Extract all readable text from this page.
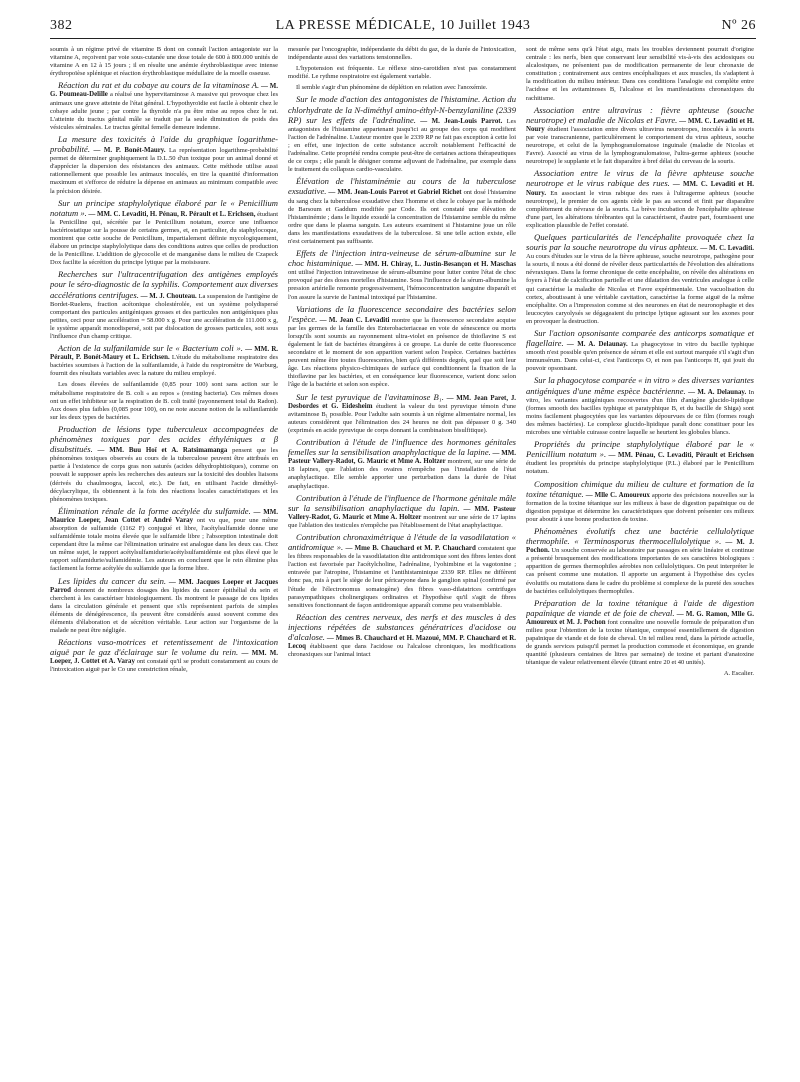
382	LA PRESSE MÉDICALE, 10 Juillet 1943	Nº 26

soumis à un régime privé de vitamine B dont on connaît l'action antagoniste sur la vitamine A, reçoivent par voie sous-cutanée une dose totale de 600 à 800.000 unités de vitamine A en 12 à 15 jours ; il en résulte une anémie érythroblastique avec intense érythropoïèse splénique et réaction érythroblastique médullaire de la moelle osseuse.

Réaction du rat et du cobaye au cours de la vitaminose A. — M. G. Poumeau-Delille a réalisé une hypervitaminose A massive qui provoque chez les animaux une grave atteinte de l'état général. L'hypothyroïdie est facile à obtenir chez le cobaye adulte jeune ; par contre la thyroïde n'a pu être mise au repos chez le rat. L'atteinte du tractus génital mâle se traduit par la seule diminution de poids des vésicules séminales. Le tractus génital femelle demeure indemne.

La mesure des toxicités à l'aide du graphique logarithme-probabilité. — M. P. Bonét-Maury. La représentation logarithme-probabilité permet de déterminer graphiquement la D.L.50 d'un toxique pour un animal donné et d'apprécier la dispersion des résistances des animaux. Cette méthode utilise aussi rationnellement que possible les animaux inoculés, en tire la quantité d'information maximum et s'efforce de réduire la dépense en animaux au minimum compatible avec la précision désirée.

Sur un principe staphylolytique élaboré par le « Penicillium notatum ». — MM. C. Levaditi, H. Pénau, R. Pérault et L. Erichsen, étudiant la Penicilline qui, sécrétée par le Penicillium notatum, exerce une influence bactériostatique sur la pousse de certains germes, et, en particulier, du staphylocoque, montrent que cette souche de Penicillium, impartialement définie mycologiquement, élabore un principe staphylolytique dans des conditions autres que celles de production de la Penicilline. L'addition de glycocolle et de manganèse dans le milieu de Czapeck Dox facilite la sécrétion du principe lytique par la moisissure.

Recherches sur l'ultracentrifugation des antigènes employés pour le séro-diagnostic de la syphilis. Comportement aux diverses accélérations centrifuges. — M. J. Chouteau. La suspension de l'antigène de Bordet-Ruelens, fraction acétonique cholestérolée, est un système polydispersé comportant des particules antigéniques grosses et des particules non antigéniques plus petites, ceci pour une accélération = 58.000 x g. Pour une accélération de 111.000 x g, le système apparaît monodispersé, soit par dislocation de grosses particules, soit sous l'influence d'un champ critique.

Action de la sulfanilamide sur le « Bacterium coli ». — MM. R. Pérault, P. Bonét-Maury et L. Erichsen. L'étude du métabolisme respiratoire des bactéries soumises à l'action de la sulfanilamide, à l'aide du respiromètre de Warburg, fournit des résultats variables avec la nature du milieu employé.

Les doses élevées de sulfanilamide (0,85 pour 100) sont sans action sur le métabolisme respiratoire de B. coli « au repos » (resting bacteria). Ces mêmes doses ont un effet inhibiteur sur la respiration de B. coli traité (rayonnement total du Radon). Aux doses plus faibles (0,085 pour 100), on ne note aucune notion de la sulfanilamide sur les deux types de bactéries.

Production de lésions type tuberculeux accompagnées de phénomènes toxiques par des acides éthyléniques α β disubstitués. — MM. Buu Hoï et A. Ratsimamanga pensent que les phénomènes toxiques observés au cours de la tuberculose peuvent être attribués en partie à l'existence de corps gras non saturés (acides déhydrophtioïques), comme on pouvait le supposer après les recherches des auteurs sur la toxicité des doubles liaisons (dérivés du chaulmoogra, laccol, etc.). De fait, en utilisant l'acide diméthyl-décylacrylique, ils obtiennent à la fois des réactions locales caractéristiques et les phénomènes toxiques.

Élimination rénale de la forme acétylée du sulfamide. — MM. Maurice Loeper, Jean Cottet et André Varay ont vu que, pour une même absorption de sulfamide (1162 F) conjugué et libre, l'acétylsulfamide donne une sulfamidémie totale moins élevée que le sulfamide libre ; l'absorption intestinale doit cependant être la même car l'élimination urinaire est analogue dans les deux cas. Chez un même sujet, le rapport acétylsulfamidurie/acétylsulfamidémie est plus élevé que le rapport sulfamidurie/sulfamidémie. Les auteurs en concluent que le rein élimine plus facilement la forme acétylée du sulfamide que la forme libre.

Les lipides du cancer du sein. — MM. Jacques Loeper et Jacques Parrod donnent de nombreux dosages des lipides du cancer épithélial du sein et cherchent à les caractériser histologiquement. Ils montrent le passage de ces lipides dans la circulation générale et pensent que s'ils représentent parfois de simples éléments de dénégérescence, ils peuvent être considérés aussi souvent comme des éléments d'élaboration et de sécrétion véritable. Leur action sur l'organisme de la malade ne peut être négligée.

Réactions vaso-motrices et retentissement de l'intoxication aiguë par le gaz d'éclairage sur le volume du rein. — MM. M. Loeper, J. Cottet et A. Varay ont constaté qu'il se produit constamment au cours de l'intoxication aiguë par le Co une constriction rénale,

mesurée par l'oncographie, indépendante du débit du gaz, de la durée de l'intoxication, indépendante aussi des variations tensionnelles.

L'hypotension est fréquente. Le réflexe sino-carotidien n'est pas constamment modifié. Le rythme respiratoire est également variable.

Il semble s'agir d'un phénomène de déplétion en relation avec l'anoxémie.

Sur le mode d'action des antagonistes de l'histamine. Action du chlorhydrate de la N-diméthyl amino-éthyl-N-benzylaniline (2339 RP) sur les effets de l'adrénaline. — M. Jean-Louis Parrot. Les antagonistes de l'histamine appartenant jusqu'ici au groupe des corps qui modifient l'action de l'adrénaline. L'auteur montre que le 2339 RP ne fait pas exception à cette loi ; en effet, une injection de cette substance accroît notablement l'efficacité de l'adrénaline. Cette propriété rendra compte peut-être de certaines actions thérapeutiques de ce corps ; elle paraît le désigner comme adjuvant de l'adrénaline, par exemple dans le traitement du collapsus cardio-vasculaire.

Élévation de l'histaminémie au cours de la tuberculose exsudative. — MM. Jean-Louis Parrot et Gabriel Richet ont dosé l'histamine du sang chez la tuberculose exsudative chez l'homme et chez le cobaye par la méthode de Barsoum et Gaddum modifiée par Code. Ils ont constaté une élévation de l'histaminémie ; dans le liquide exsudé la concentration de l'histamine semble du même ordre que dans le plasma sanguin. Les auteurs examinent si l'histamine joue un rôle dans les manifestations exsudatives de la tuberculose. Si une telle action existe, elle n'est certainement pas suffisante.

Effets de l'injection intra-veineuse de sérum-albumine sur le choc histaminique. — MM. H. Chiray, L. Justin-Besançon et H. Maschas ont utilisé l'injection intraveineuse de sérum-albumine pour lutter contre l'état de choc provoqué par des doses mortelles d'histamine. Sous l'influence de la sérum-albumine la pression artérielle remonte progressivement, l'hémoconcentration sanguine disparaît et l'on assure la survie de l'animal intoxiqué par l'histamine.

Variations de la fluorescence secondaire des bactéries selon l'espèce. — M. Jean C. Levaditi montre que la fluorescence secondaire acquise par les germes de la famille des Enterobacteriaceae en voie de sénescence ou morts lorsqu'ils sont soumis au rayonnement ultra-violet en présence de thioflavine S est également le fait de bactéries étrangères à ce groupe. La durée de cette fluorescence secondaire et le moment de son apparition varient selon l'espèce. Certaines bactéries peuvent même être toutes fluorescentes, bien qu'à différents degrés, quel que soit leur âge. Les réactions physico-chimiques de surface qui conditionnent la fixation de la thioflavine par les bactéries, et en conséquence leur fluorescence, varient donc selon l'âge de la bactérie et selon son espèce.

Sur le test pyruvique de l'avitaminose B₁. — MM. Jean Paret, J. Desbordes et G. Eidesheim étudient la valeur du test pyruvique témoin d'une avitaminose B₁ possible. Pour l'adulte sain soumis à un régime alimentaire normal, les auteurs considèrent que l'élimination des 24 heures ne doit pas dépasser 0 g. 340 (exprimés en acide pyruvique de corps donnant la combinaison bisulfitique).

Contribution à l'étude de l'influence des hormones génitales femelles sur la sensibilisation anaphylactique de la lapine. — MM. Pasteur Vallery-Radot, G. Mauric et Mme A. Holtzer montrent, sur une série de 18 lapines, que l'ablation des ovaires n'empêche pas l'installation de l'état anaphylactique. Elle semble apporter une perturbation dans la durée de l'état anaphylactique.

Contribution à l'étude de l'influence de l'hormone génitale mâle sur la sensibilisation anaphylactique du lapin. — MM. Pasteur Vallery-Radot, G. Mauric et Mme A. Holtzer montrent sur une série de 17 lapins que l'ablation des testicules n'empêche pas l'établissement de l'état anaphylactique.

Contribution chronaximétrique à l'étude de la vasodilatation « antidromique ». — Mme B. Chauchard et M. P. Chauchard constatent que les fibres responsables de la vasodilatation dite antidromique sont des fibres lentes dont l'action est favorisée par l'acétylcholine, l'adrénaline, l'yohimbine et la vagotonine ; entravée par l'atropine, l'histamine et l'antihistaminique 2339 RP. Elles ne diffèrent donc pas, mis à part le siège de leur péricaryone dans le ganglion spinal (confirmé par l'étude de l'électronomus somatogène) des fibres vaso-dilatatrices centrifuges parasympathiques cholinergiques ordinaires et l'hypothèse qu'il s'agit de fibres sensitives fonctionnant de façon antidromique apparaît comme peu vraisemblable.

Réaction des centres nerveux, des nerfs et des muscles à des injections répétées de substances génératrices d'acidose ou d'alcalose. — Mmes B. Chauchard et H. Mazoué, MM. P. Chauchard et R. Lecoq établissent que dans l'acidose ou l'alcalose chroniques, les modifications chronaxiques sur l'animal intact

sont de même sens qu'à l'état aigu, mais les troubles deviennent pourrait d'origine centrale : les nerfs, bien que conservant leur sensibilité vis-à-vis des acidosiques ou alcalosiques, ne présentent pas de modification permanente de leur chronaxie de constitution ; contrairement aux centres encéphaliques et aux muscles, ils s'adaptent à la modification du milieu intérieur. Dans ces conditions l'analogie est complète entre l'acidose et les avitaminoses B, l'alcalose et les manifestations chronaxiques du rachitisme.

Association entre ultravirus : fièvre aphteuse (souche neurotrope) et maladie de Nicolas et Favre. — MM. C. Levaditi et H. Noury étudient l'association entre divers ultravirus neurotropes, inoculés à la souris par voie transcranienne, particulièrement le comportement du virus aphteux, souche neurotrope, et celui de la lymphogranulomatose inguinale (maladie de Nicolas et Favre). Associé au virus de la lymphogranulomatose, l'ultra-germe aphteux (souche neurotrope) le supplante et le fait disparaître à bref délai du cerveau de la souris.

Association entre le virus de la fièvre aphteuse souche neurotrope et le virus rabique des rues. — MM. C. Levaditi et H. Noury. En associant le virus rabique des rues à l'ultragerme aphteux (souche neurotrope), le premier de ces agents cède le pas au second et finit par disparaître complètement du névraxe de la souris. La brève incubation de l'encéphalite aphteuse d'une part, les altérations térébrantes qui la caractérisent, d'autre part, fournissent une explication plausible de l'effet constaté.

Quelques particularités de l'encéphalite provoquée chez la souris par la souche neurotrope du virus aphteux. — M. C. Levaditi. Au cours d'études sur le virus de la fièvre aphteuse, souche neurotrope, pathogène pour la souris, il nous a été donné de révéler deux particularités de l'évolution des altérations névraxiques. Dans la forme chronique de cette encéphalite, on révèle des altérations en foyers à l'état de calcification partielle et une dilatation des ventricules analogue à celle qui caractérise la maladie de Nicolas et Favre expérimentale. Une vacuolisation du cortex, aboutissant à une véritable cavitation, caractérise la forme aiguë de la même encéphalite. On a l'impression comme si des neurones en état de neuronophagie et des leucocytes caryolysés se dégageaient du principe lytique agissant sur les axones pour en provoquer la destruction.

Sur l'action opsonisante comparée des anticorps somatique et flagellaire. — M. A. Delaunay. La phagocytose in vitro du bacille typhique smooth n'est possible qu'en présence de sérum et elle est surtout marquée s'il s'agit d'un immunsérum. Dans celui-ci, c'est l'anticorps O, et non pas l'anticorps H, qui jouit du pouvoir opsonisant.

Sur la phagocytose comparée « in vitro » des diverses variantes antigéniques d'une même espèce bactérienne. — M. A. Delaunay. In vitro, les variantes antigéniques recouvertes d'un film d'anigène glucido-lipidique (formes smooth des bacilles typhique et paratyphique B, et du bacille de Shiga) sont moins facilement phagocytées que les variantes dépourvues de ce film (formes rough des mêmes bactéries). Le complexe glucido-lipidique paraît donc constituer pour les microbes une véritable cuirasse contre laquelle se heurtent les globules blancs.

Propriétés du principe staphylolytique élaboré par le « Penicillium notatum ». — MM. Pénau, C. Levaditi, Pérault et Erichsen étudient les propriétés du principe staphylolytique (P.L.) élaboré par le Penicillium notatum.

Composition chimique du milieu de culture et formation de la toxine tétanique. — Mlle C. Amoureux apporte des précisions nouvelles sur la formation de la toxine tétanique sur les milieux à base de digestion papaïnique ou de digestion pepsique et détermine les caractéristiques que doivent présenter ces milieux pour aboutir à une bonne production de toxine.

Phénomènes évolutifs chez une bactérie cellulolytique thermophile. « Terminosporus thermocellulolytique ». — M. J. Pochon. Un souche conservée au laboratoire par passages en série linéaire et continue a présenté brusquement des modifications importantes de ses caractères biologiques : apparition de germes thermophiles aérobies non cellulolytiques. On peut interpréter le cas présent comme une mutation. Il apporte un argument à l'hypothèse des cycles évolutifs ou mutations dans le cadre du problème si complexe de la pureté des souches de bactéries cellulolytiques thermophiles.

Préparation de la toxine tétanique à l'aide de digestion papaïnique de viande et de foie de cheval. — M. G. Ramon, Mlle G. Amoureux et M. J. Pochon font connaître une nouvelle formule de préparation d'un milieu pour l'obtention de la toxine tétanique, composé essentiellement de digestion papaïnique de viande et de foie de cheval. Un tel milieu rend, dans la période actuelle, de grands services puisqu'il permet la production commode et économique, en grande quantité (plusieurs centaines de litres par semaine) de toxine et partant d'anatoxine tétanique de valeur relativement élevée (titrant entre 20 et 40 unités).

A. Escalier.
